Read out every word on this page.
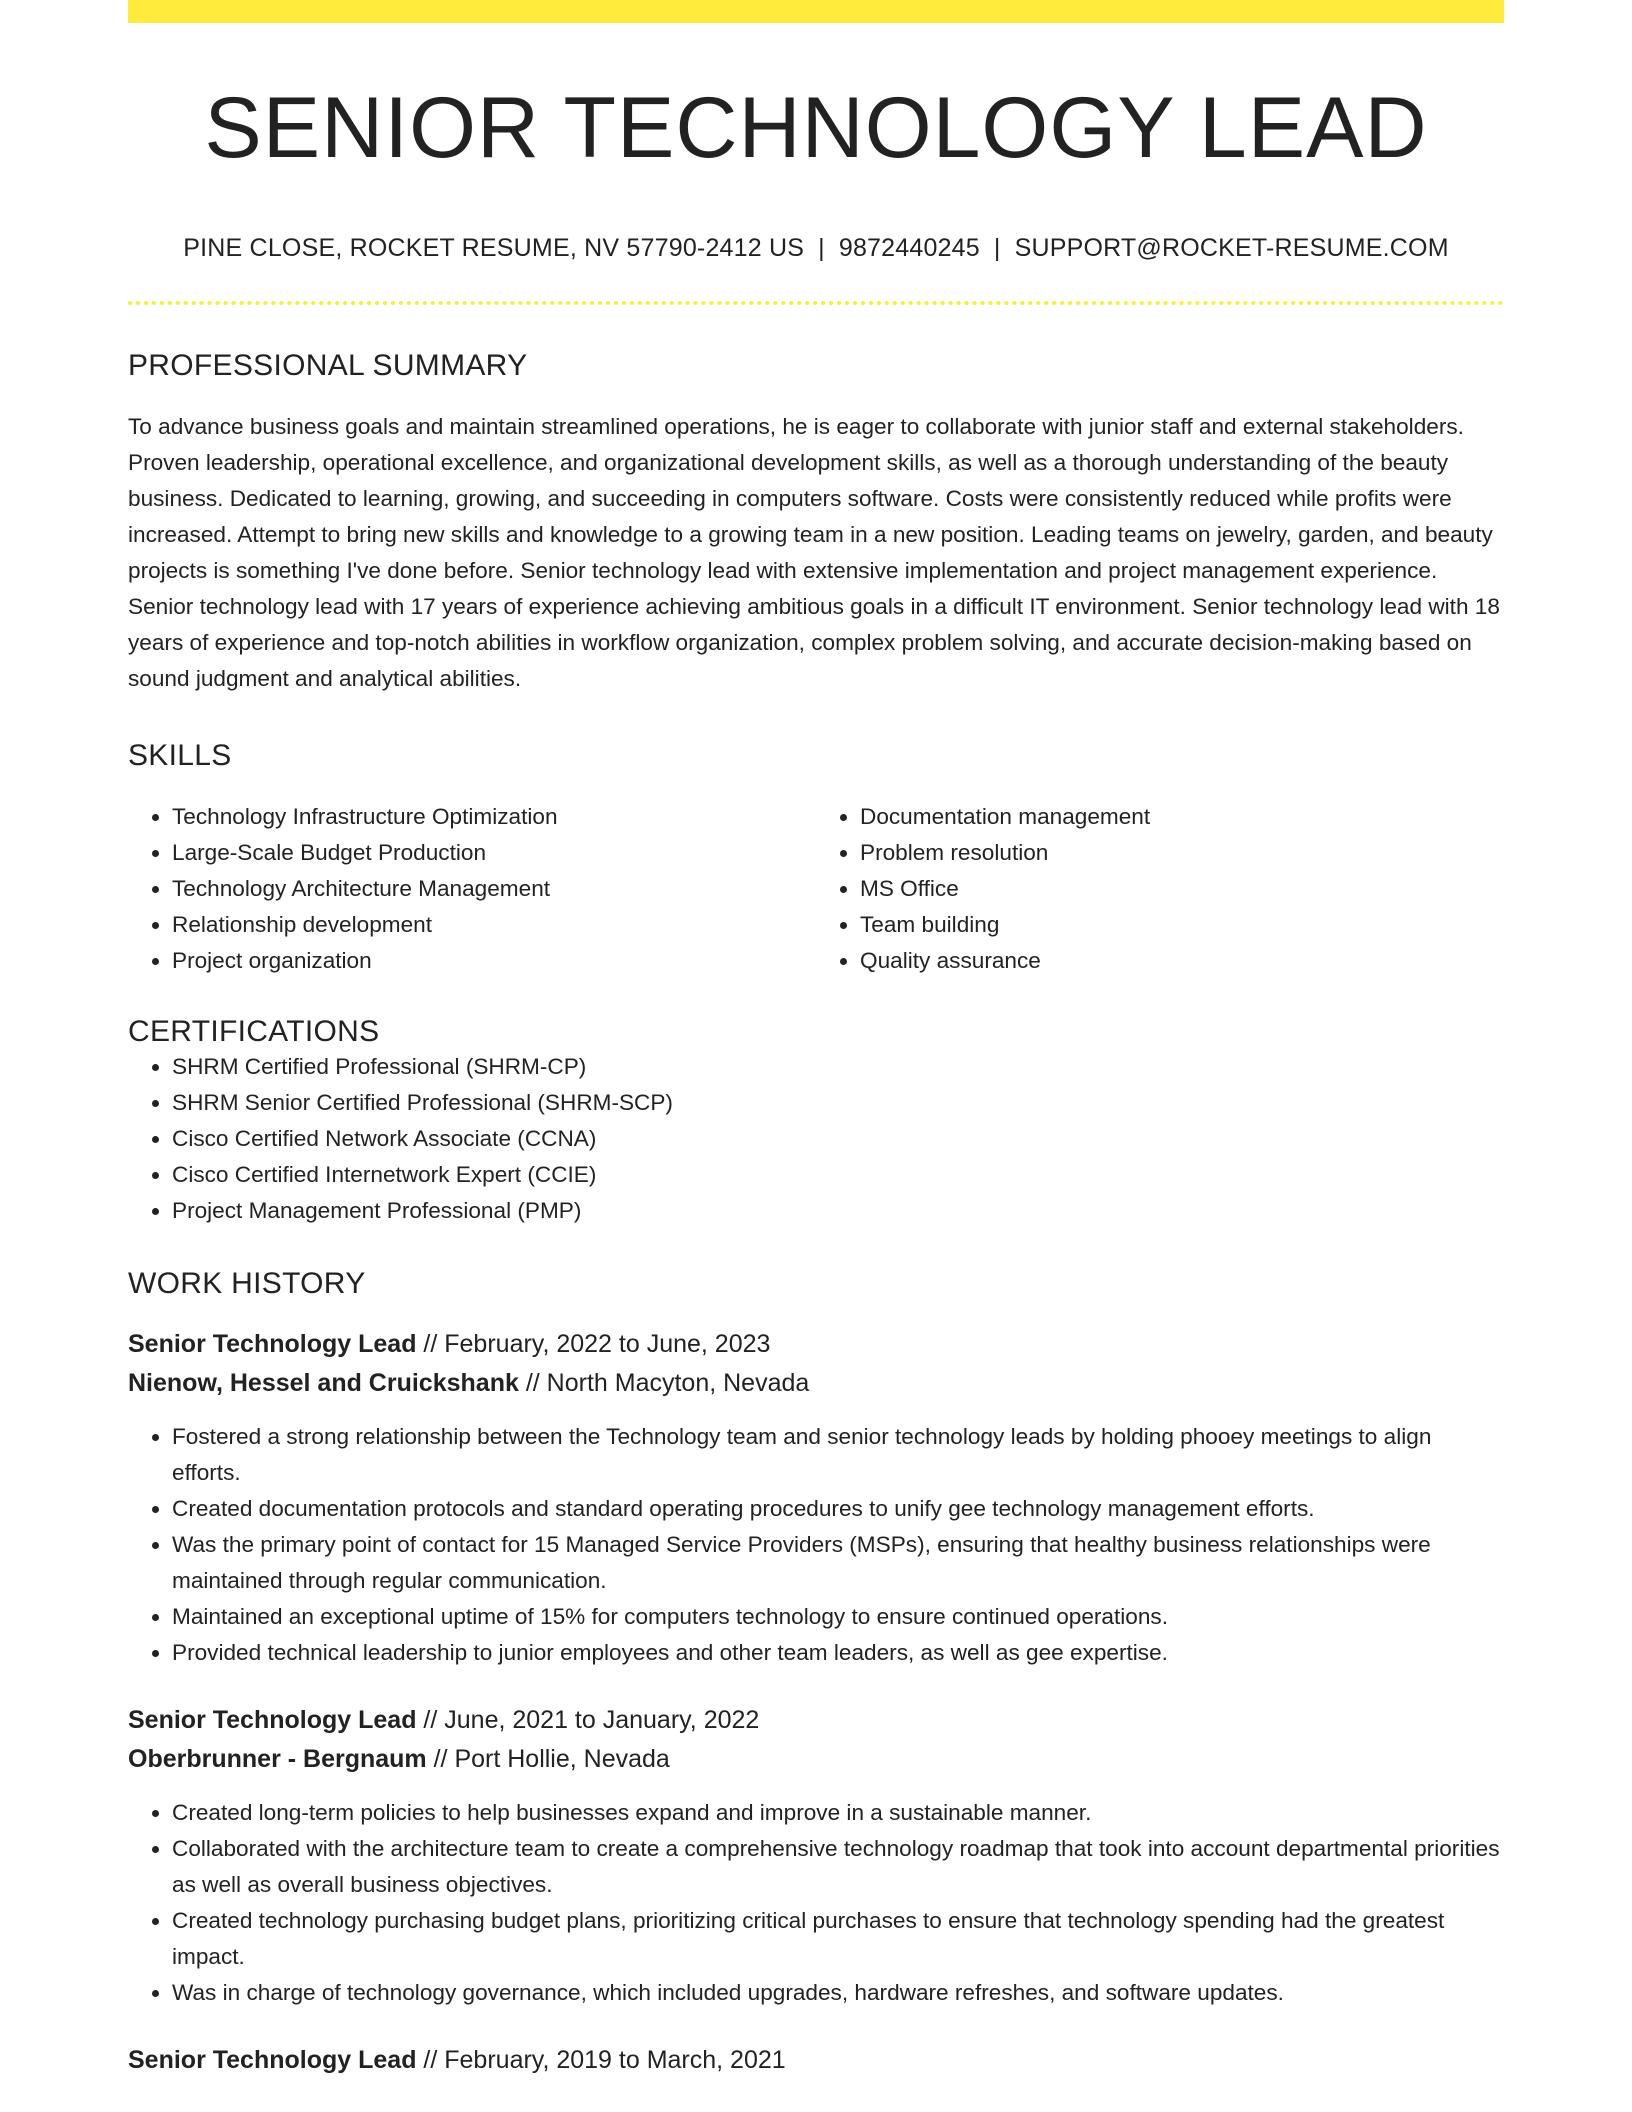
SENIOR TECHNOLOGY LEAD
PINE CLOSE, ROCKET RESUME, NV 57790-2412 US | 9872440245 | SUPPORT@ROCKET-RESUME.COM
PROFESSIONAL SUMMARY

To advance business goals and maintain streamlined operations, he is eager to collaborate with junior staff and external stakeholders. Proven leadership, operational excellence, and organizational development skills, as well as a thorough understanding of the beauty business. Dedicated to learning, growing, and succeeding in computers software. Costs were consistently reduced while profits were increased. Attempt to bring new skills and knowledge to a growing team in a new position. Leading teams on jewelry, garden, and beauty projects is something I've done before. Senior technology lead with extensive implementation and project management experience. Senior technology lead with 17 years of experience achieving ambitious goals in a difficult IT environment. Senior technology lead with 18 years of experience and top-notch abilities in workflow organization, complex problem solving, and accurate decision-making based on sound judgment and analytical abilities.

SKILLS
• Technology Infrastructure Optimization
• Large-Scale Budget Production
• Technology Architecture Management
• Relationship development
• Project organization
• Documentation management
• Problem resolution
• MS Office
• Team building
• Quality assurance
CERTIFICATIONS
• SHRM Certified Professional (SHRM-CP)
• SHRM Senior Certified Professional (SHRM-SCP)
• Cisco Certified Network Associate (CCNA)
• Cisco Certified Internetwork Expert (CCIE)
• Project Management Professional (PMP)
WORK HISTORY
Senior Technology Lead // February, 2022 to June, 2023
Nienow, Hessel and Cruickshank // North Macyton, Nevada
• Fostered a strong relationship between the Technology team and senior technology leads by holding phooey meetings to align efforts.
• Created documentation protocols and standard operating procedures to unify gee technology management efforts.
• Was the primary point of contact for 15 Managed Service Providers (MSPs), ensuring that healthy business relationships were maintained through regular communication.
• Maintained an exceptional uptime of 15% for computers technology to ensure continued operations.
• Provided technical leadership to junior employees and other team leaders, as well as gee expertise.
Senior Technology Lead // June, 2021 to January, 2022
Oberbrunner - Bergnaum // Port Hollie, Nevada
• Created long-term policies to help businesses expand and improve in a sustainable manner.
• Collaborated with the architecture team to create a comprehensive technology roadmap that took into account departmental priorities as well as overall business objectives.
• Created technology purchasing budget plans, prioritizing critical purchases to ensure that technology spending had the greatest impact.
• Was in charge of technology governance, which included upgrades, hardware refreshes, and software updates.
Senior Technology Lead // February, 2019 to March, 2021
